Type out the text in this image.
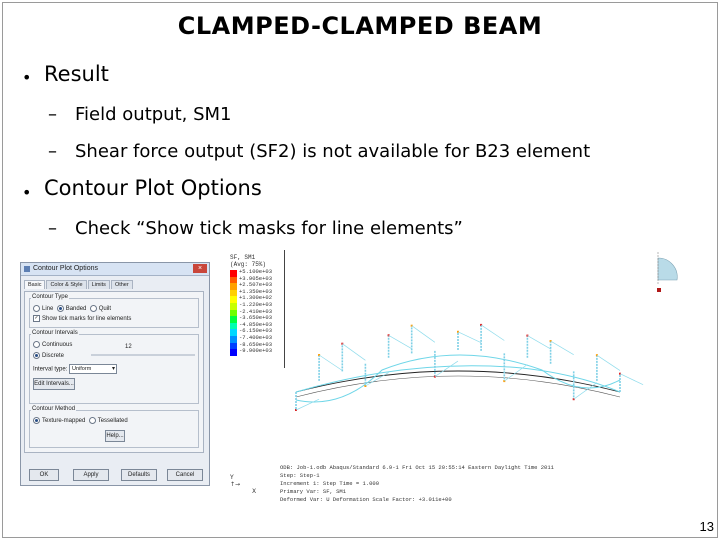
CLAMPED-CLAMPED BEAM
• Result
– Field output, SM1
– Shear force output (SF2) is not available for B23 element
• Contour Plot Options
– Check “Show tick masks for line elements”
Contour Plot Options	×
Basic Color & Style Limits Other
Contour Type
Line Banded Quilt
✓ Show tick marks for line elements
Contour Intervals
Continuous	12
Discrete
Interval type: Uniform ▾
Edit Intervals...
Contour Method
Texture-mapped Tessellated
Help...
OK	Apply	Defaults	Cancel
SF, SM1
(Avg: 75%)
+5.100e+03
+3.905e+03
+2.507e+03
+1.350e+03
+1.300e+02
-1.220e+03
-2.410e+03
-3.650e+03
-4.850e+03
-6.150e+03
-7.400e+03
-8.650e+03
-9.900e+03
ODB: Job-1.odb Abaqus/Standard 6.9-1 Fri Oct 15 20:55:14 Eastern Daylight Time 2011
Step: Step-1
Increment 1: Step Time = 1.000
Primary Var: SF, SM1
Deformed Var: U Deformation Scale Factor: +3.011e+00
Y
↑→
X
13
